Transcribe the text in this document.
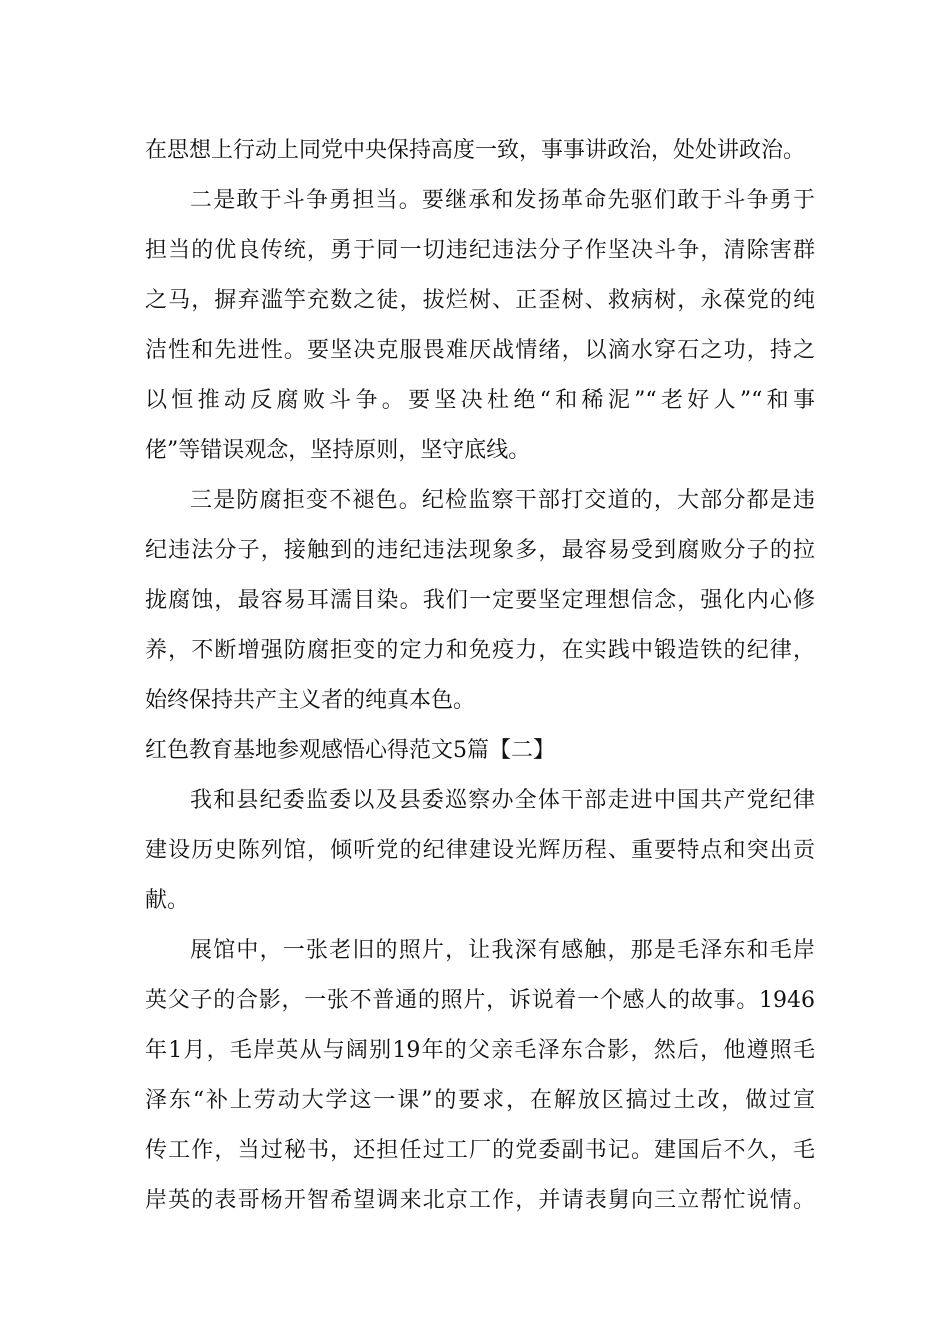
在思想上行动上同党中央保持高度一致，事事讲政治，处处讲政治。
二是敢于斗争勇担当。要继承和发扬革命先驱们敢于斗争勇于
担当的优良传统，勇于同一切违纪违法分子作坚决斗争，清除害群
之马，摒弃滥竽充数之徒，拔烂树、正歪树、救病树，永葆党的纯
洁性和先进性。要坚决克服畏难厌战情绪，以滴水穿石之功，持之
以恒推动反腐败斗争。要坚决杜绝“和稀泥”“老好人”“和事
佬”等错误观念，坚持原则，坚守底线。
三是防腐拒变不褪色。纪检监察干部打交道的，大部分都是违
纪违法分子，接触到的违纪违法现象多，最容易受到腐败分子的拉
拢腐蚀，最容易耳濡目染。我们一定要坚定理想信念，强化内心修
养，不断增强防腐拒变的定力和免疫力，在实践中锻造铁的纪律，
始终保持共产主义者的纯真本色。
红色教育基地参观感悟心得范文5篇【二】
我和县纪委监委以及县委巡察办全体干部走进中国共产党纪律
建设历史陈列馆，倾听党的纪律建设光辉历程、重要特点和突出贡
献。
展馆中，一张老旧的照片，让我深有感触，那是毛泽东和毛岸
英父子的合影，一张不普通的照片，诉说着一个感人的故事。1946
年1月，毛岸英从与阔别19年的父亲毛泽东合影，然后，他遵照毛
泽东“补上劳动大学这一课”的要求，在解放区搞过土改，做过宣
传工作，当过秘书，还担任过工厂的党委副书记。建国后不久，毛
岸英的表哥杨开智希望调来北京工作，并请表舅向三立帮忙说情。
